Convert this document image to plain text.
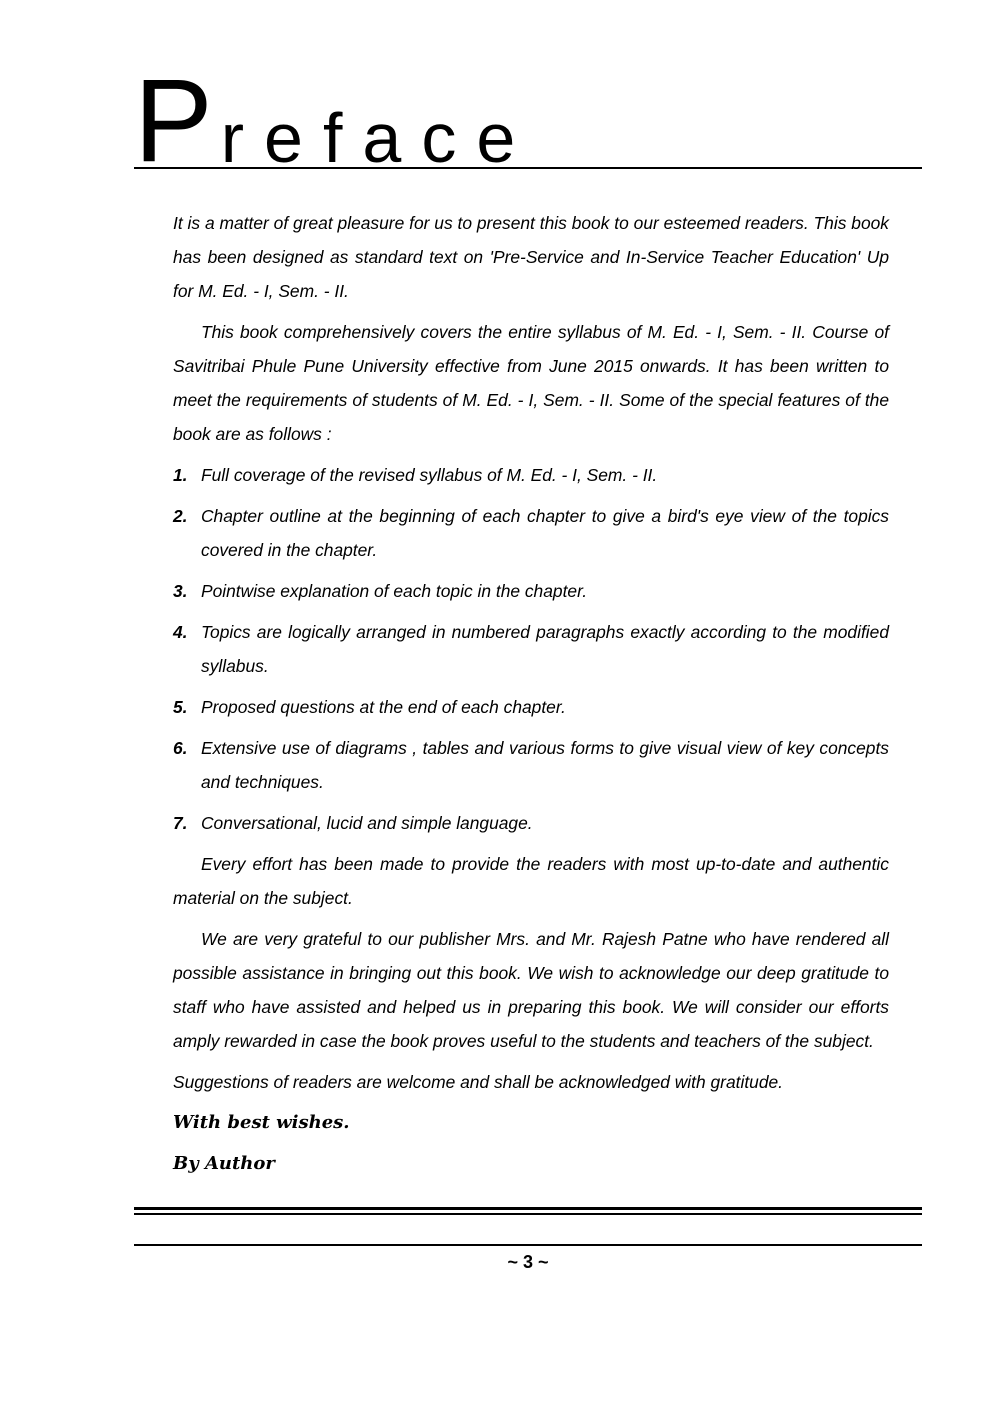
P reface

It is a matter of great pleasure for us to present this book to our esteemed readers. This book has been designed as standard text on 'Pre-Service and In-Service Teacher Education' Up for M. Ed. - I, Sem. - II.

This book comprehensively covers the entire syllabus of M. Ed. - I, Sem. - II. Course of Savitribai Phule Pune University effective from June 2015 onwards. It has been written to meet the requirements of students of M. Ed. - I, Sem. - II. Some of the special features of the book are as follows :

1. Full coverage of the revised syllabus of M. Ed. - I, Sem. - II.
2. Chapter outline at the beginning of each chapter to give a bird's eye view of the topics covered in the chapter.
3. Pointwise explanation of each topic in the chapter.
4. Topics are logically arranged in numbered paragraphs exactly according to the modified syllabus.
5. Proposed questions at the end of each chapter.
6. Extensive use of diagrams , tables and various forms to give visual view of key concepts and techniques.
7. Conversational, lucid and simple language.

Every effort has been made to provide the readers with most up-to-date and authentic material on the subject.

We are very grateful to our publisher Mrs. and Mr. Rajesh Patne who have rendered all possible assistance in bringing out this book. We wish to acknowledge our deep gratitude to staff who have assisted and helped us in preparing this book. We will consider our efforts amply rewarded in case the book proves useful to the students and teachers of the subject.

Suggestions of readers are welcome and shall be acknowledged with gratitude.

With best wishes.
By Author
~ 3 ~
